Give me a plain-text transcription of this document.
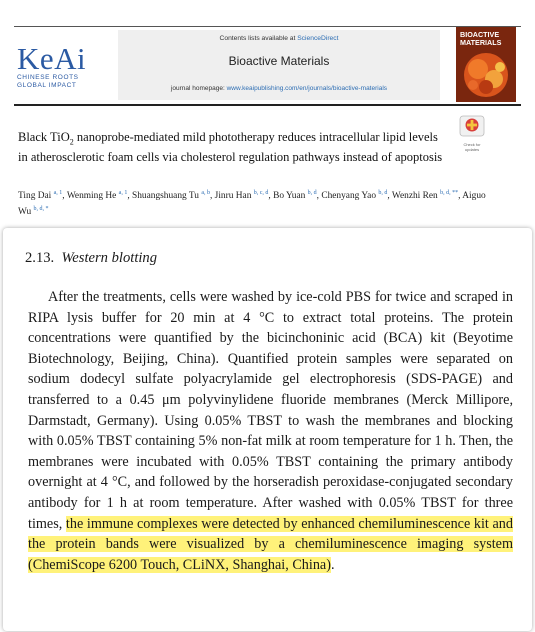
KeAi
CHINESE ROOTS
GLOBAL IMPACT
Contents lists available at ScienceDirect
Bioactive Materials
journal homepage: www.keaipublishing.com/en/journals/bioactive-materials
BIOACTIVE
MATERIALS
Black TiO$_2$ nanoprobe-mediated mild phototherapy reduces intracellular lipid levels in atherosclerotic foam cells via cholesterol regulation pathways instead of apoptosis
Check for updates
Ting Dai $^{a, 1}$, Wenming He $^{a, 1}$, Shuangshuang Tu $^{a, b}$, Jinru Han $^{b, c, d}$, Bo Yuan $^{b, d}$, Chenyang Yao $^{b, d}$, Wenzhi Ren $^{b, d, **}$, Aiguo Wu $^{b, d, *}$
2.13. Western blotting
After the treatments, cells were washed by ice-cold PBS for twice and scraped in RIPA lysis buffer for 20 min at 4 °C to extract total proteins. The protein concentrations were quantified by the bicinchoninic acid (BCA) kit (Beyotime Biotechnology, Beijing, China). Quantified protein samples were separated on sodium dodecyl sulfate polyacrylamide gel electrophoresis (SDS-PAGE) and transferred to a 0.45 μm polyvinylidene fluoride membranes (Merck Millipore, Darmstadt, Germany). Using 0.05% TBST to wash the membranes and blocking with 0.05% TBST containing 5% non-fat milk at room temperature for 1 h. Then, the membranes were incubated with 0.05% TBST containing the primary antibody overnight at 4 °C, and followed by the horseradish peroxidase-conjugated secondary antibody for 1 h at room temperature. After washed with 0.05% TBST for three times, the immune complexes were detected by enhanced chemiluminescence kit and the protein bands were visualized by a chemiluminescence imaging system (ChemiScope 6200 Touch, CLiNX, Shanghai, China).
